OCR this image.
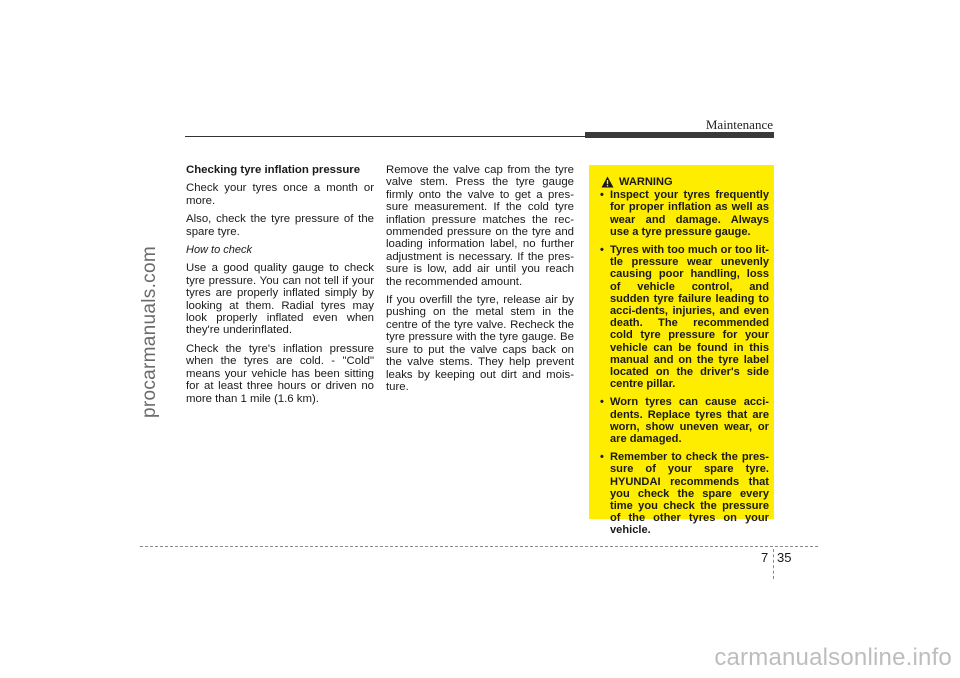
procarmanuals.com
Maintenance

Checking tyre inflation pressure

Check your tyres once a month or more.

Also, check the tyre pressure of the spare tyre.

How to check

Use a good quality gauge to check tyre pressure. You can not tell if your tyres are properly inflated simply by looking at them. Radial tyres may look properly inflated even when they're underinflated.

Check the tyre's inflation pressure when the tyres are cold. - "Cold" means your vehicle has been sitting for at least three hours or driven no more than 1 mile (1.6 km).

Remove the valve cap from the tyre valve stem. Press the tyre gauge firmly onto the valve to get a pres-sure measurement. If the cold tyre inflation pressure matches the rec-ommended pressure on the tyre and loading information label, no further adjustment is necessary. If the pres-sure is low, add air until you reach the recommended amount.

If you overfill the tyre, release air by pushing on the metal stem in the centre of the tyre valve. Recheck the tyre pressure with the tyre gauge. Be sure to put the valve caps back on the valve stems. They help prevent leaks by keeping out dirt and mois-ture.

WARNING
• Inspect your tyres frequently for proper inflation as well as wear and damage. Always use a tyre pressure gauge.
• Tyres with too much or too lit-tle pressure wear unevenly causing poor handling, loss of vehicle control, and sudden tyre failure leading to acci-dents, injuries, and even death. The recommended cold tyre pressure for your vehicle can be found in this manual and on the tyre label located on the driver's side centre pillar.
• Worn tyres can cause acci-dents. Replace tyres that are worn, show uneven wear, or are damaged.
• Remember to check the pres-sure of your spare tyre. HYUNDAI recommends that you check the spare every time you check the pressure of the other tyres on your vehicle.
7 35
carmanualsonline.info
